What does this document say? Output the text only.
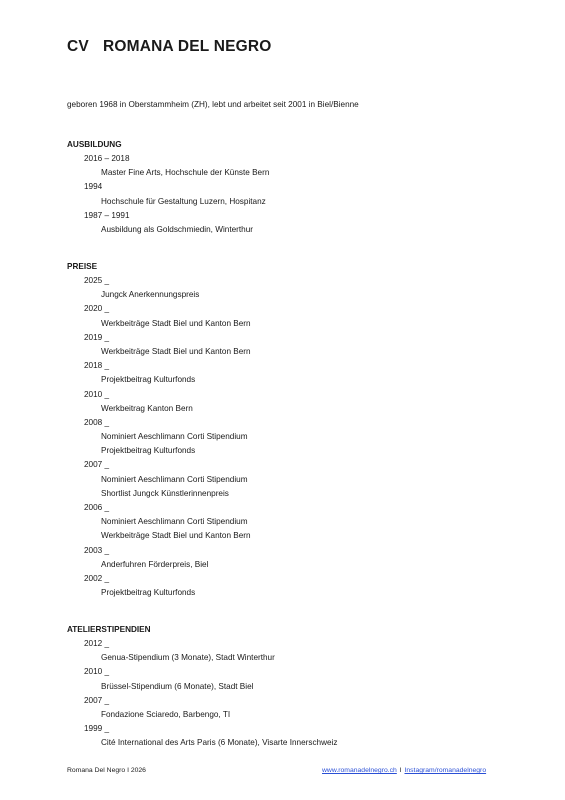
CV ROMANA DEL NEGRO
geboren 1968 in Oberstammheim (ZH), lebt und arbeitet seit 2001 in Biel/Bienne
AUSBILDUNG
2016 – 2018
Master Fine Arts, Hochschule der Künste Bern
1994
Hochschule für Gestaltung Luzern, Hospitanz
1987 – 1991
Ausbildung als Goldschmiedin, Winterthur
PREISE
2025 _
Jungck Anerkennungspreis
2020 _
Werkbeiträge Stadt Biel und Kanton Bern
2019 _
Werkbeiträge Stadt Biel und Kanton Bern
2018 _
Projektbeitrag Kulturfonds
2010 _
Werkbeitrag Kanton Bern
2008 _
Nominiert Aeschlimann Corti Stipendium
Projektbeitrag Kulturfonds
2007 _
Nominiert Aeschlimann Corti Stipendium
Shortlist Jungck Künstlerinnenpreis
2006 _
Nominiert Aeschlimann Corti Stipendium
Werkbeiträge Stadt Biel und Kanton Bern
2003 _
Anderfuhren Förderpreis, Biel
2002 _
Projektbeitrag Kulturfonds
ATELIERSTIPENDIEN
2012 _
Genua-Stipendium (3 Monate), Stadt Winterthur
2010 _
Brüssel-Stipendium (6 Monate), Stadt Biel
2007 _
Fondazione Sciaredo, Barbengo, TI
1999 _
Cité International des Arts Paris (6 Monate), Visarte Innerschweiz
Romana Del Negro I 2026	www.romanadelnegro.ch I Instagram/romanadelnegro
